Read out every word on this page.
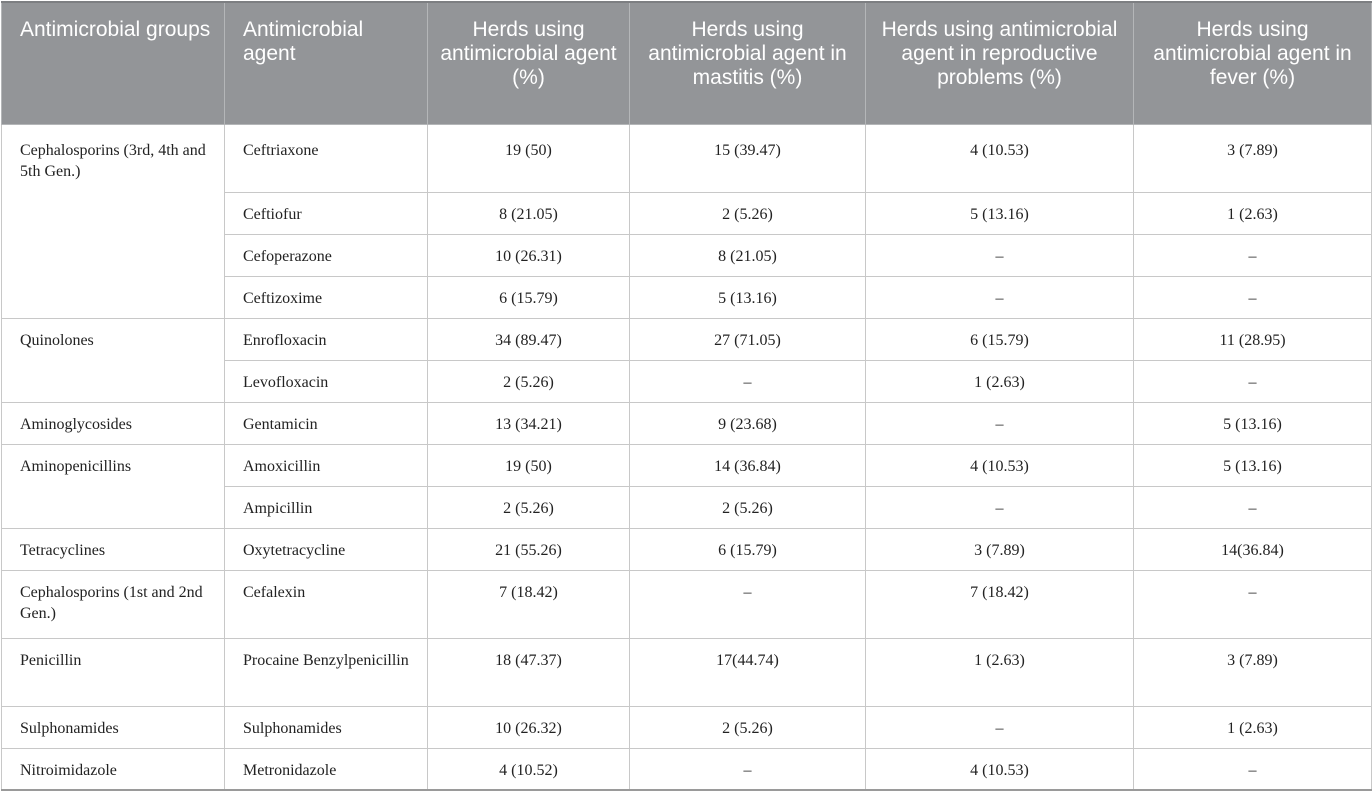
Antimicrobial groups	Antimicrobial agent	Herds using antimicrobial agent (%)	Herds using antimicrobial agent in mastitis (%)	Herds using antimicrobial agent in reproductive problems (%)	Herds using antimicrobial agent in fever (%)

Cephalosporins (3rd, 4th and 5th Gen.)	Ceftriaxone	19 (50)	15 (39.47)	4 (10.53)	3 (7.89)

	Ceftiofur	8 (21.05)	2 (5.26)	5 (13.16)	1 (2.63)

	Cefoperazone	10 (26.31)	8 (21.05)	–	–

	Ceftizoxime	6 (15.79)	5 (13.16)	–	–

Quinolones	Enrofloxacin	34 (89.47)	27 (71.05)	6 (15.79)	11 (28.95)

	Levofloxacin	2 (5.26)	–	1 (2.63)	–

Aminoglycosides	Gentamicin	13 (34.21)	9 (23.68)	–	5 (13.16)

Aminopenicillins	Amoxicillin	19 (50)	14 (36.84)	4 (10.53)	5 (13.16)

	Ampicillin	2 (5.26)	2 (5.26)	–	–

Tetracyclines	Oxytetracycline	21 (55.26)	6 (15.79)	3 (7.89)	14(36.84)

Cephalosporins (1st and 2nd Gen.)	Cefalexin	7 (18.42)	–	7 (18.42)	–

Penicillin	Procaine Benzylpenicillin	18 (47.37)	17(44.74)	1 (2.63)	3 (7.89)

Sulphonamides	Sulphonamides	10 (26.32)	2 (5.26)	–	1 (2.63)

Nitroimidazole	Metronidazole	4 (10.52)	–	4 (10.53)	–
